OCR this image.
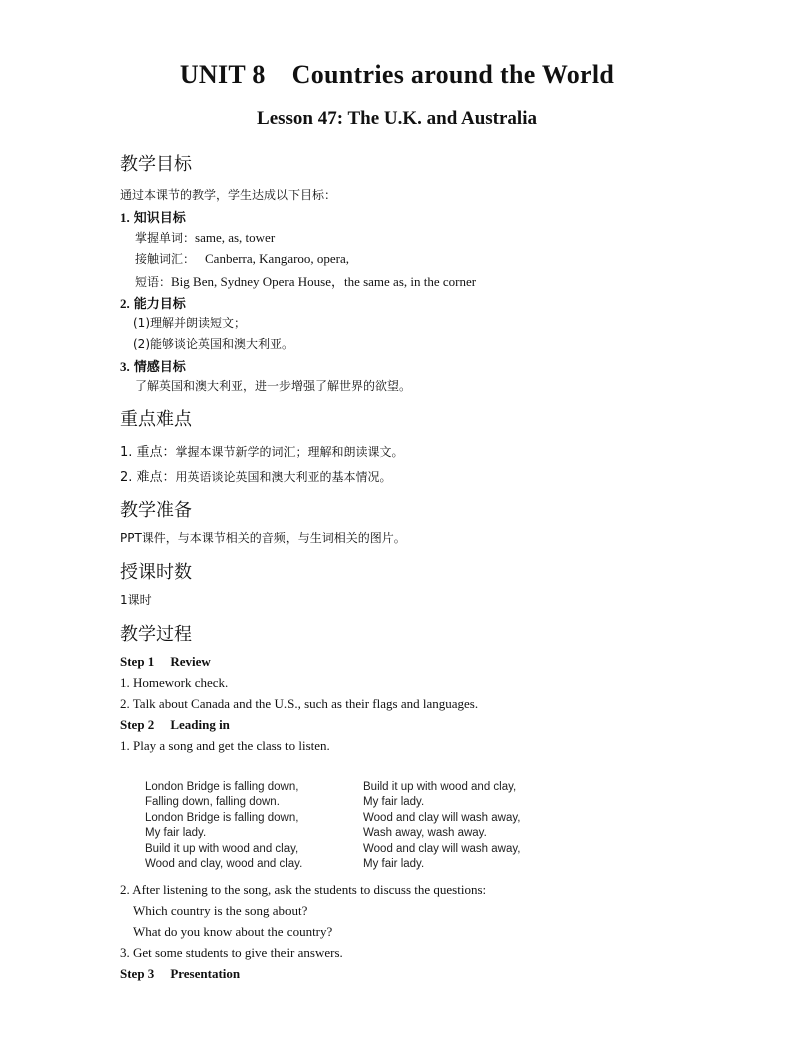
UNIT 8 Countries around the World
Lesson 47: The U.K. and Australia
教学目标
通过本课节的教学，学生达成以下目标：
1. 知识目标
掌握单词：same, as, tower
接触词汇： Canberra, Kangaroo, opera,
短语：Big Ben, Sydney Opera House，the same as, in the corner
2. 能力目标
(1)理解并朗读短文；
(2)能够谈论英国和澳大利亚。
3. 情感目标
了解英国和澳大利亚，进一步增强了解世界的欲望。
重点难点
1. 重点：掌握本课节新学的词汇；理解和朗读课文。
2. 难点：用英语谈论英国和澳大利亚的基本情况。
教学准备
PPT课件，与本课节相关的音频，与生词相关的图片。
授课时数
1课时
教学过程
Step 1 Review
1. Homework check.
2. Talk about Canada and the U.S., such as their flags and languages.
Step 2 Leading in
1. Play a song and get the class to listen.
London Bridge is falling down,
Falling down, falling down.
London Bridge is falling down,
My fair lady.
Build it up with wood and clay,
Wood and clay, wood and clay.
Build it up with wood and clay,
My fair lady.
Wood and clay will wash away,
Wash away, wash away.
Wood and clay will wash away,
My fair lady.
2. After listening to the song, ask the students to discuss the questions:
Which country is the song about?
What do you know about the country?
3. Get some students to give their answers.
Step 3 Presentation
